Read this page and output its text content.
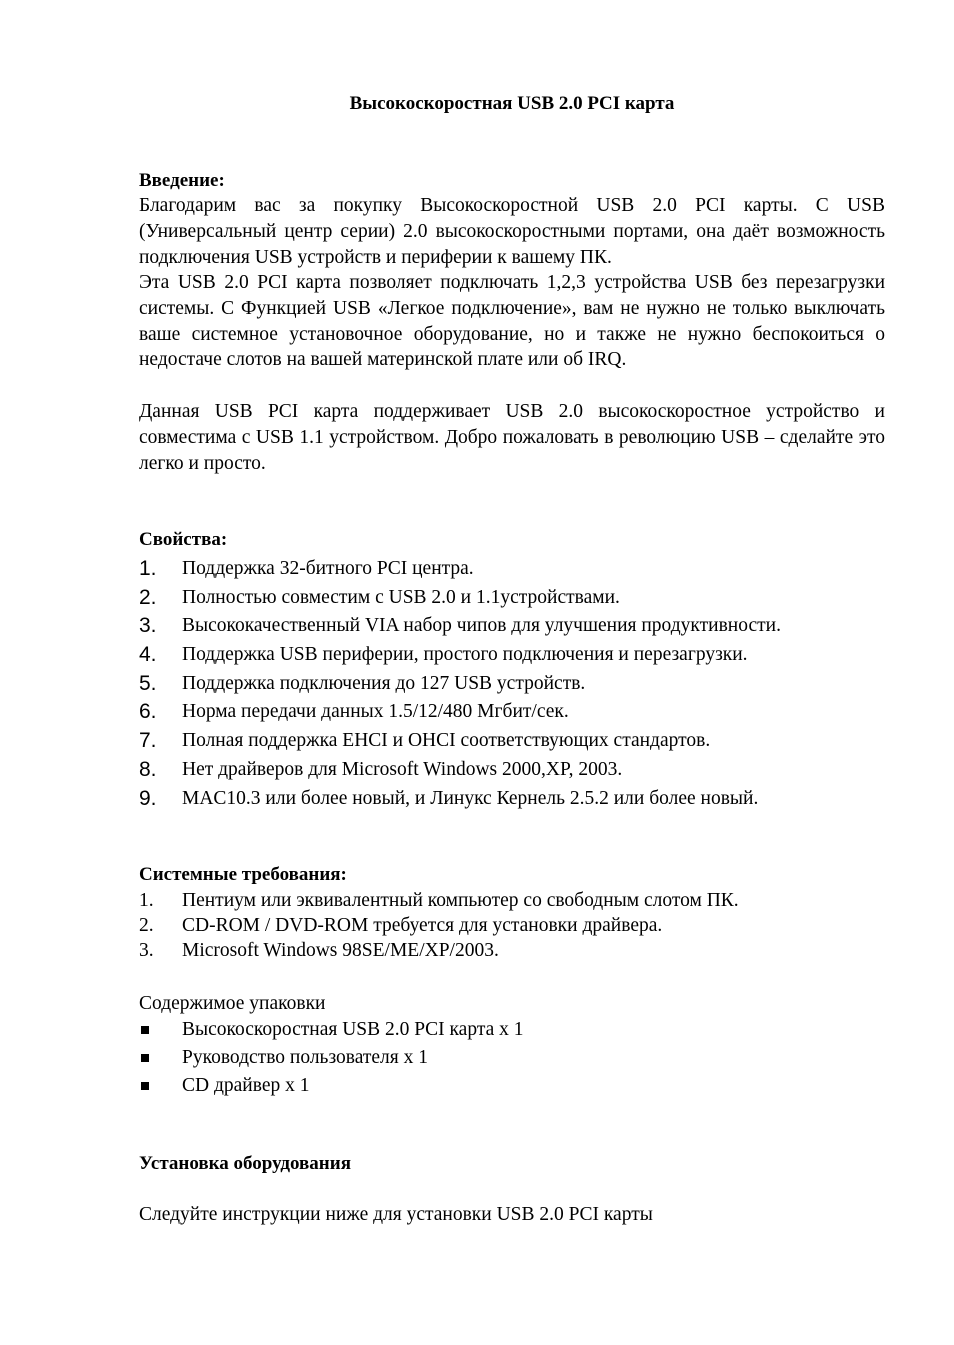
Высокоскоростная USB 2.0 PCI карта
Введение:
Благодарим вас за покупку Высокоскоростной USB 2.0 PCI карты. С USB (Универсальный центр серии) 2.0 высокоскоростными портами, она даёт возможность подключения USB устройств и периферии к вашему ПК.
Эта USB 2.0 PCI карта позволяет подключать 1,2,3 устройства USB без перезагрузки системы. С Функцией USB «Легкое подключение», вам не нужно не только выключать ваше системное установочное оборудование, но и также не нужно беспокоиться о недостаче слотов на вашей материнской плате или об IRQ.
Данная USB PCI карта поддерживает USB 2.0 высокоскоростное устройство и совместима с USB 1.1 устройством. Добро пожаловать в революцию USB – сделайте это легко и просто.
Свойства:
1. Поддержка 32-битного PCI центра.
2. Полностью совместим с USB 2.0 и 1.1устройствами.
3. Высококачественный VIA набор чипов для улучшения продуктивности.
4. Поддержка USB периферии, простого подключения и перезагрузки.
5. Поддержка подключения до 127 USB устройств.
6. Норма передачи данных 1.5/12/480 Мгбит/сек.
7. Полная поддержка EHCI и OHCI соответствующих стандартов.
8. Нет драйверов для Microsoft Windows 2000,XP, 2003.
9. MAC10.3 или более новый, и Линукс Кернель 2.5.2 или более новый.
Системные требования:
1. Пентиум или эквивалентный компьютер со свободным слотом ПК.
2. CD-ROM / DVD-ROM требуется для установки драйвера.
3. Microsoft Windows 98SE/ME/XP/2003.
Содержимое упаковки
Высокоскоростная USB 2.0 PCI карта x 1
Руководство пользователя x 1
CD драйвер x 1
Установка оборудования
Следуйте инструкции ниже для установки USB 2.0 PCI карты
